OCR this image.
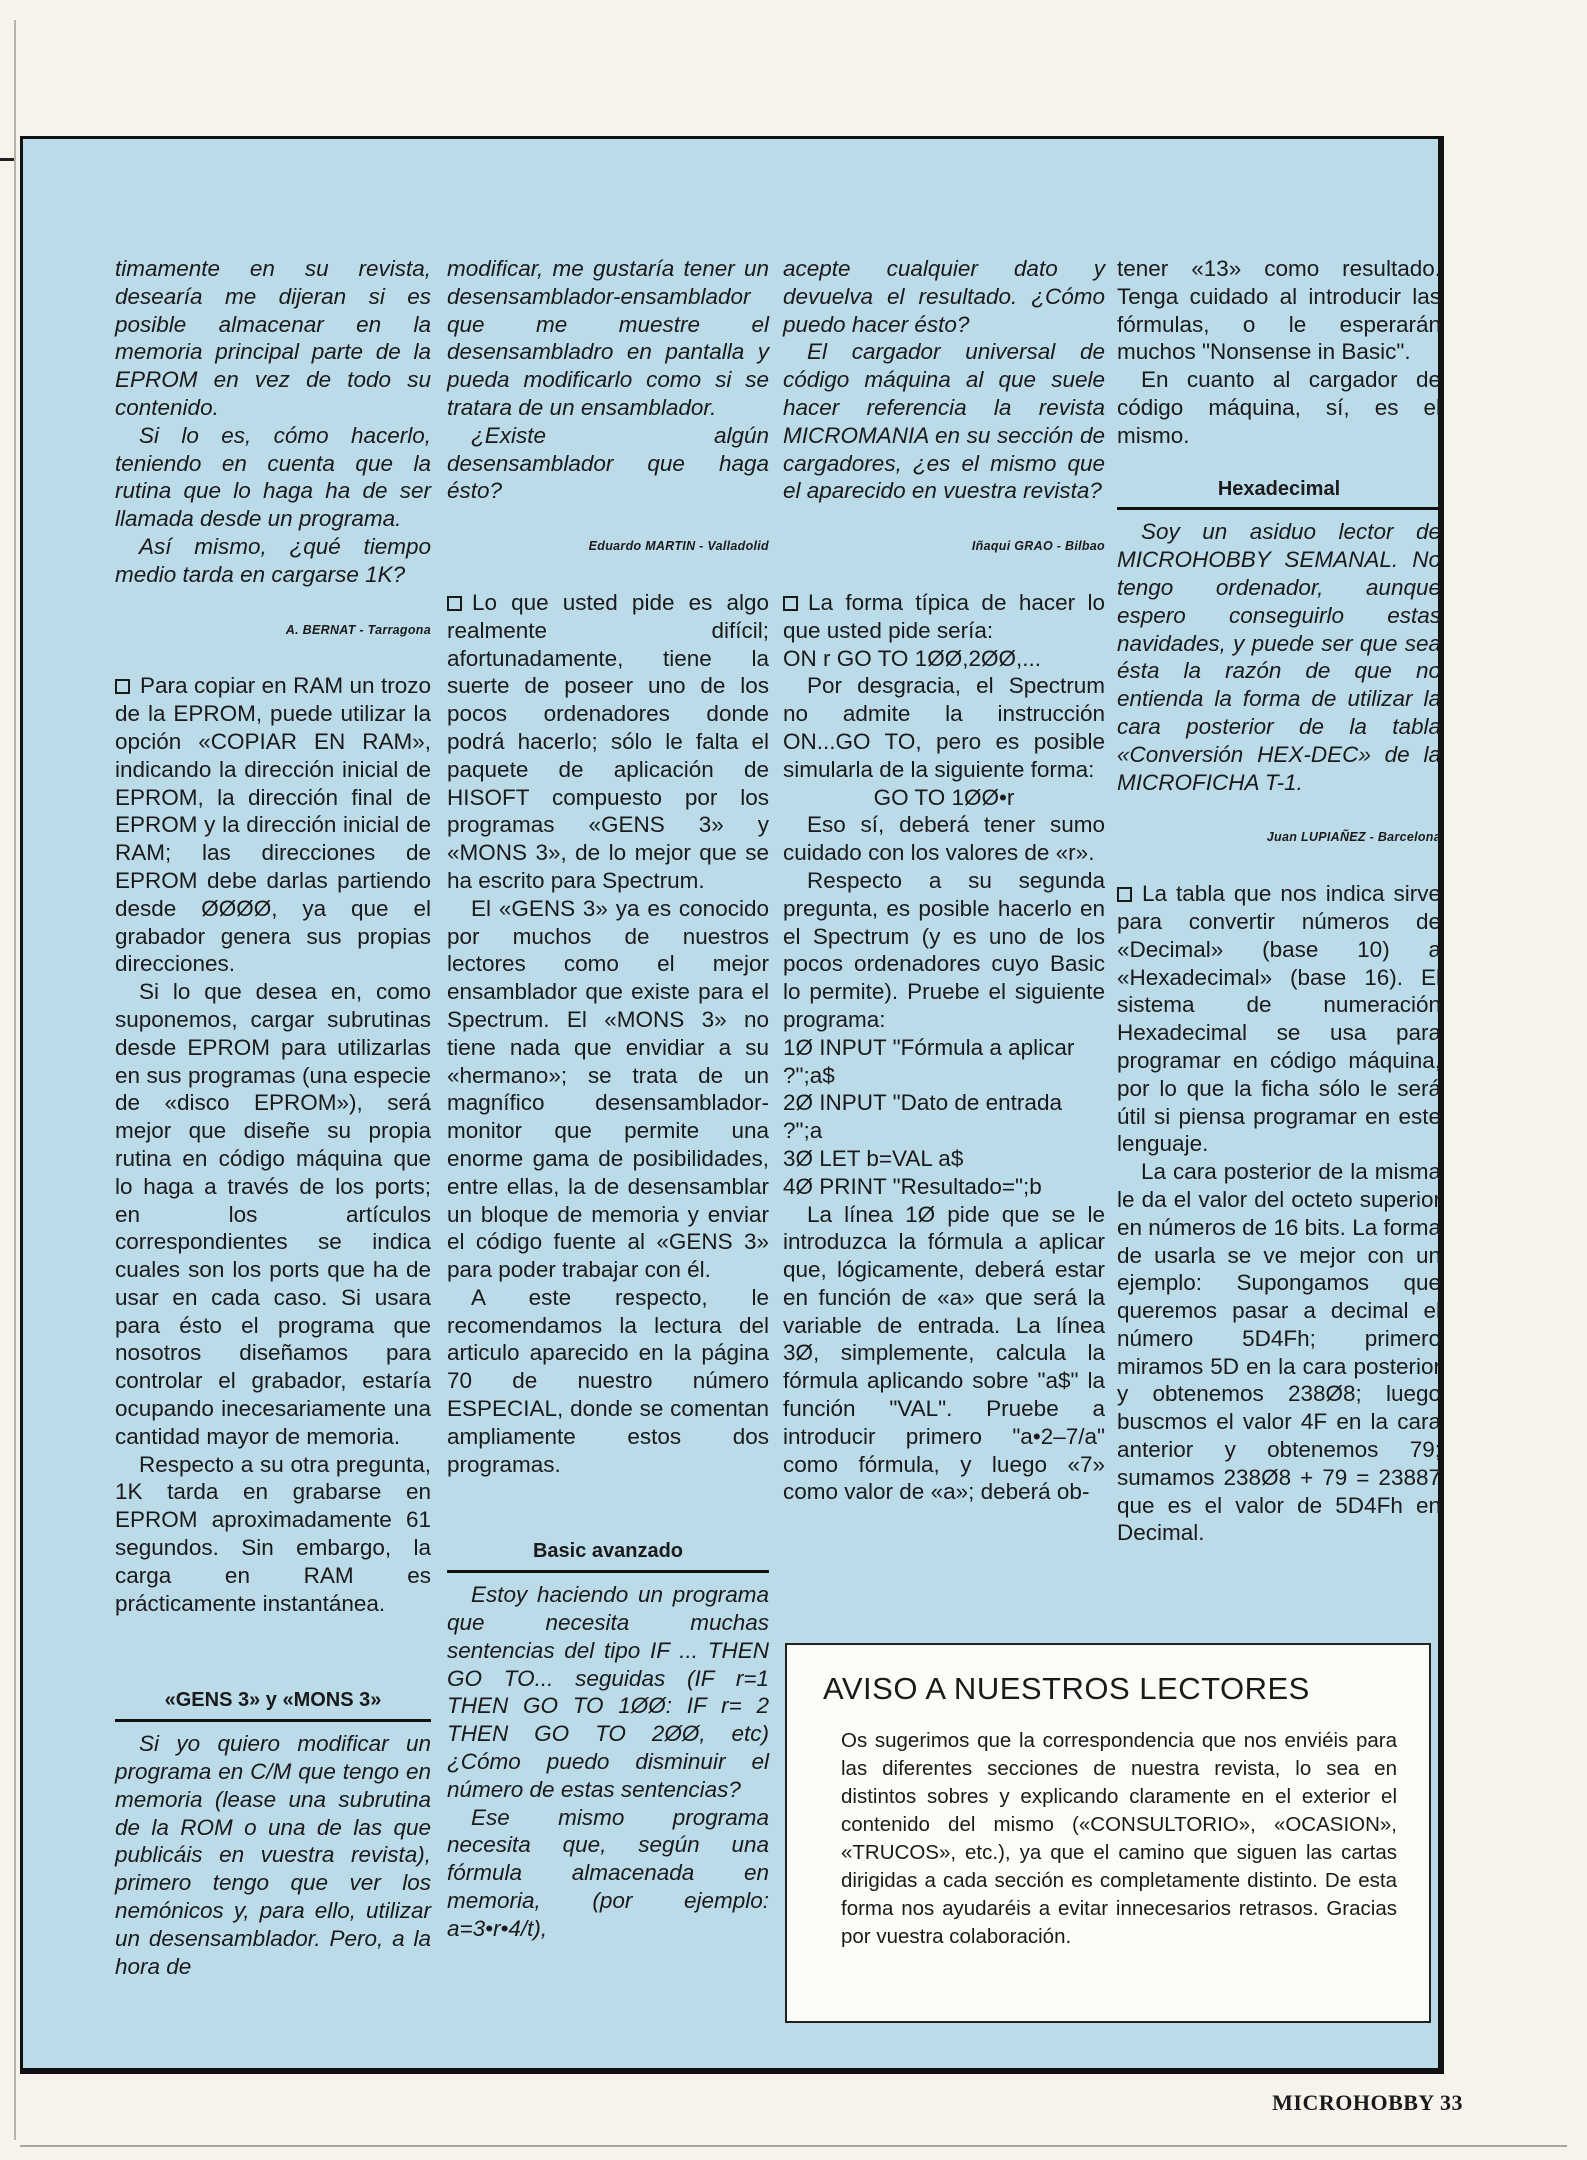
timamente en su revista, desearía me dijeran si es posible almacenar en la memoria principal parte de la EPROM en vez de todo su contenido.

Si lo es, cómo hacerlo, teniendo en cuenta que la rutina que lo haga ha de ser llamada desde un programa.

Así mismo, ¿qué tiempo medio tarda en cargarse 1K?

A. BERNAT - Tarragona

Para copiar en RAM un trozo de la EPROM, puede utilizar la opción «COPIAR EN RAM», indicando la dirección inicial de EPROM, la dirección final de EPROM y la dirección inicial de RAM; las direcciones de EPROM debe darlas partiendo desde ØØØØ, ya que el grabador genera sus propias direcciones.

Si lo que desea en, como suponemos, cargar subrutinas desde EPROM para utilizarlas en sus programas (una especie de «disco EPROM»), será mejor que diseñe su propia rutina en código máquina que lo haga a través de los ports; en los artículos correspondientes se indica cuales son los ports que ha de usar en cada caso. Si usara para ésto el programa que nosotros diseñamos para controlar el grabador, estaría ocupando inecesariamente una cantidad mayor de memoria.

Respecto a su otra pregunta, 1K tarda en grabarse en EPROM aproximadamente 61 segundos. Sin embargo, la carga en RAM es prácticamente instantánea.

«GENS 3» y «MONS 3»

Si yo quiero modificar un programa en C/M que tengo en memoria (lease una subrutina de la ROM o una de las que publicáis en vuestra revista), primero tengo que ver los nemónicos y, para ello, utilizar un desensamblador. Pero, a la hora de

modificar, me gustaría tener un desensamblador-ensamblador que me muestre el desensambladro en pantalla y pueda modificarlo como si se tratara de un ensamblador.

¿Existe algún desensamblador que haga ésto?

Eduardo MARTIN - Valladolid

Lo que usted pide es algo realmente difícil; afortunadamente, tiene la suerte de poseer uno de los pocos ordenadores donde podrá hacerlo; sólo le falta el paquete de aplicación de HISOFT compuesto por los programas «GENS 3» y «MONS 3», de lo mejor que se ha escrito para Spectrum.

El «GENS 3» ya es conocido por muchos de nuestros lectores como el mejor ensamblador que existe para el Spectrum. El «MONS 3» no tiene nada que envidiar a su «hermano»; se trata de un magnífico desensamblador-monitor que permite una enorme gama de posibilidades, entre ellas, la de desensamblar un bloque de memoria y enviar el código fuente al «GENS 3» para poder trabajar con él.

A este respecto, le recomendamos la lectura del articulo aparecido en la página 70 de nuestro número ESPECIAL, donde se comentan ampliamente estos dos programas.

Basic avanzado

Estoy haciendo un programa que necesita muchas sentencias del tipo IF ... THEN GO TO... seguidas (IF r=1 THEN GO TO 1ØØ: IF r= 2 THEN GO TO 2ØØ, etc) ¿Cómo puedo disminuir el número de estas sentencias?

Ese mismo programa necesita que, según una fórmula almacenada en memoria, (por ejemplo: a=3•r•4/t),

acepte cualquier dato y devuelva el resultado. ¿Cómo puedo hacer ésto?

El cargador universal de código máquina al que suele hacer referencia la revista MICROMANIA en su sección de cargadores, ¿es el mismo que el aparecido en vuestra revista?

Iñaqui GRAO - Bilbao

La forma típica de hacer lo que usted pide sería:

ON r GO TO 1ØØ,2ØØ,...

Por desgracia, el Spectrum no admite la instrucción ON...GO TO, pero es posible simularla de la siguiente forma:

GO TO 1ØØ•r

Eso sí, deberá tener sumo cuidado con los valores de «r».

Respecto a su segunda pregunta, es posible hacerlo en el Spectrum (y es uno de los pocos ordenadores cuyo Basic lo permite). Pruebe el siguiente programa:

1Ø INPUT "Fórmula a aplicar ?";a$

2Ø INPUT "Dato de entrada ?";a

3Ø LET b=VAL a$

4Ø PRINT "Resultado=";b

La línea 1Ø pide que se le introduzca la fórmula a aplicar que, lógicamente, deberá estar en función de «a» que será la variable de entrada. La línea 3Ø, simplemente, calcula la fórmula aplicando sobre "a$" la función "VAL". Pruebe a introducir primero "a•2–7/a" como fórmula, y luego «7» como valor de «a»; deberá ob-

tener «13» como resultado. Tenga cuidado al introducir las fórmulas, o le esperarán muchos "Nonsense in Basic".

En cuanto al cargador de código máquina, sí, es el mismo.

Hexadecimal

Soy un asiduo lector de MICROHOBBY SEMANAL. No tengo ordenador, aunque espero conseguirlo estas navidades, y puede ser que sea ésta la razón de que no entienda la forma de utilizar la cara posterior de la tabla «Conversión HEX-DEC» de la MICROFICHA T-1.

Juan LUPIAÑEZ - Barcelona

La tabla que nos indica sirve para convertir números de «Decimal» (base 10) a «Hexadecimal» (base 16). El sistema de numeración Hexadecimal se usa para programar en código máquina, por lo que la ficha sólo le será útil si piensa programar en este lenguaje.

La cara posterior de la misma le da el valor del octeto superior en números de 16 bits. La forma de usarla se ve mejor con un ejemplo: Supongamos que queremos pasar a decimal el número 5D4Fh; primero miramos 5D en la cara posterior y obtenemos 238Ø8; luego buscmos el valor 4F en la cara anterior y obtenemos 79; sumamos 238Ø8 + 79 = 23887 que es el valor de 5D4Fh en Decimal.

AVISO A NUESTROS LECTORES

Os sugerimos que la correspondencia que nos enviéis para las diferentes secciones de nuestra revista, lo sea en distintos sobres y explicando claramente en el exterior el contenido del mismo («CONSULTORIO», «OCASION», «TRUCOS», etc.), ya que el camino que siguen las cartas dirigidas a cada sección es completamente distinto. De esta forma nos ayudaréis a evitar innecesarios retrasos. Gracias por vuestra colaboración.

MICROHOBBY 33
